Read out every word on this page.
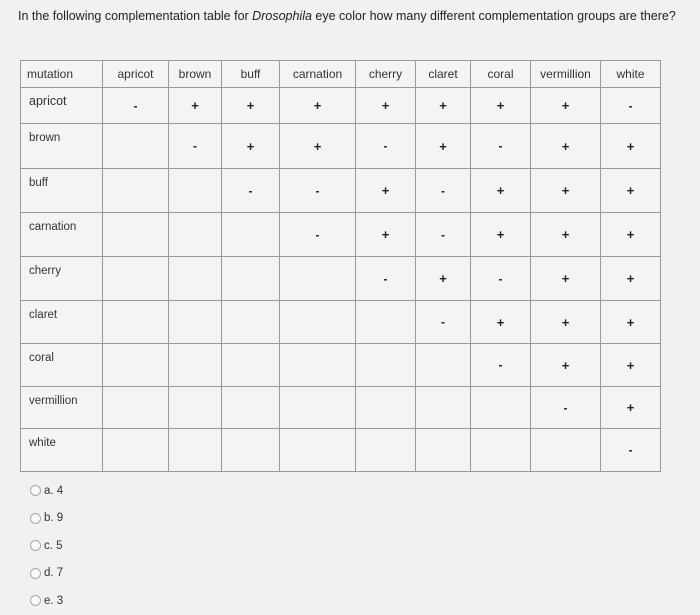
In the following complementation table for Drosophila eye color how many different complementation groups are there?
mutation	apricot	brown	buff	carnation	cherry	claret	coral	vermillion	white
apricot	-	+	+	+	+	+	+	+	-
brown		-	+	+	-	+	-	+	+
buff			-	-	+	-	+	+	+
carnation				-	+	-	+	+	+
cherry					-	+	-	+	+
claret						-	+	+	+
coral							-	+	+
vermillion								-	+
white									-
a. 4
b. 9
c. 5
d. 7
e. 3
